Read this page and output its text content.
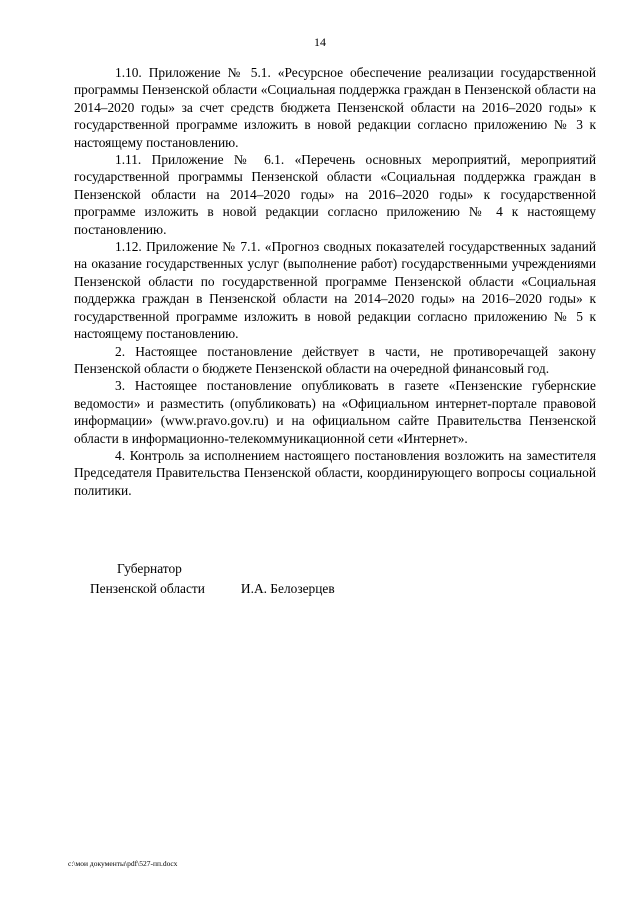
14

1.10. Приложение № 5.1. «Ресурсное обеспечение реализации государственной программы Пензенской области «Социальная поддержка граждан в Пензенской области на 2014–2020 годы» за счет средств бюджета Пензенской области на 2016–2020 годы» к государственной программе изложить в новой редакции согласно приложению № 3 к настоящему постановлению.

1.11. Приложение № 6.1. «Перечень основных мероприятий, мероприятий государственной программы Пензенской области «Социальная поддержка граждан в Пензенской области на 2014–2020 годы» на 2016–2020 годы» к государственной программе изложить в новой редакции согласно приложению № 4 к настоящему постановлению.

1.12. Приложение № 7.1. «Прогноз сводных показателей государственных заданий на оказание государственных услуг (выполнение работ) государственными учреждениями Пензенской области по государственной программе Пензенской области «Социальная поддержка граждан в Пензенской области на 2014–2020 годы» на 2016–2020 годы» к государственной программе изложить в новой редакции согласно приложению № 5 к настоящему постановлению.

2. Настоящее постановление действует в части, не противоречащей закону Пензенской области о бюджете Пензенской области на очередной финансовый год.

3. Настоящее постановление опубликовать в газете «Пензенские губернские ведомости» и разместить (опубликовать) на «Официальном интернет-портале правовой информации» (www.pravo.gov.ru) и на официальном сайте Правительства Пензенской области в информационно-телекоммуникационной сети «Интернет».

4. Контроль за исполнением настоящего постановления возложить на заместителя Председателя Правительства Пензенской области, координирующего вопросы социальной политики.

Губернатор
Пензенской области	И.А. Белозерцев
c:\мои документы\pdf\527-пп.docx
